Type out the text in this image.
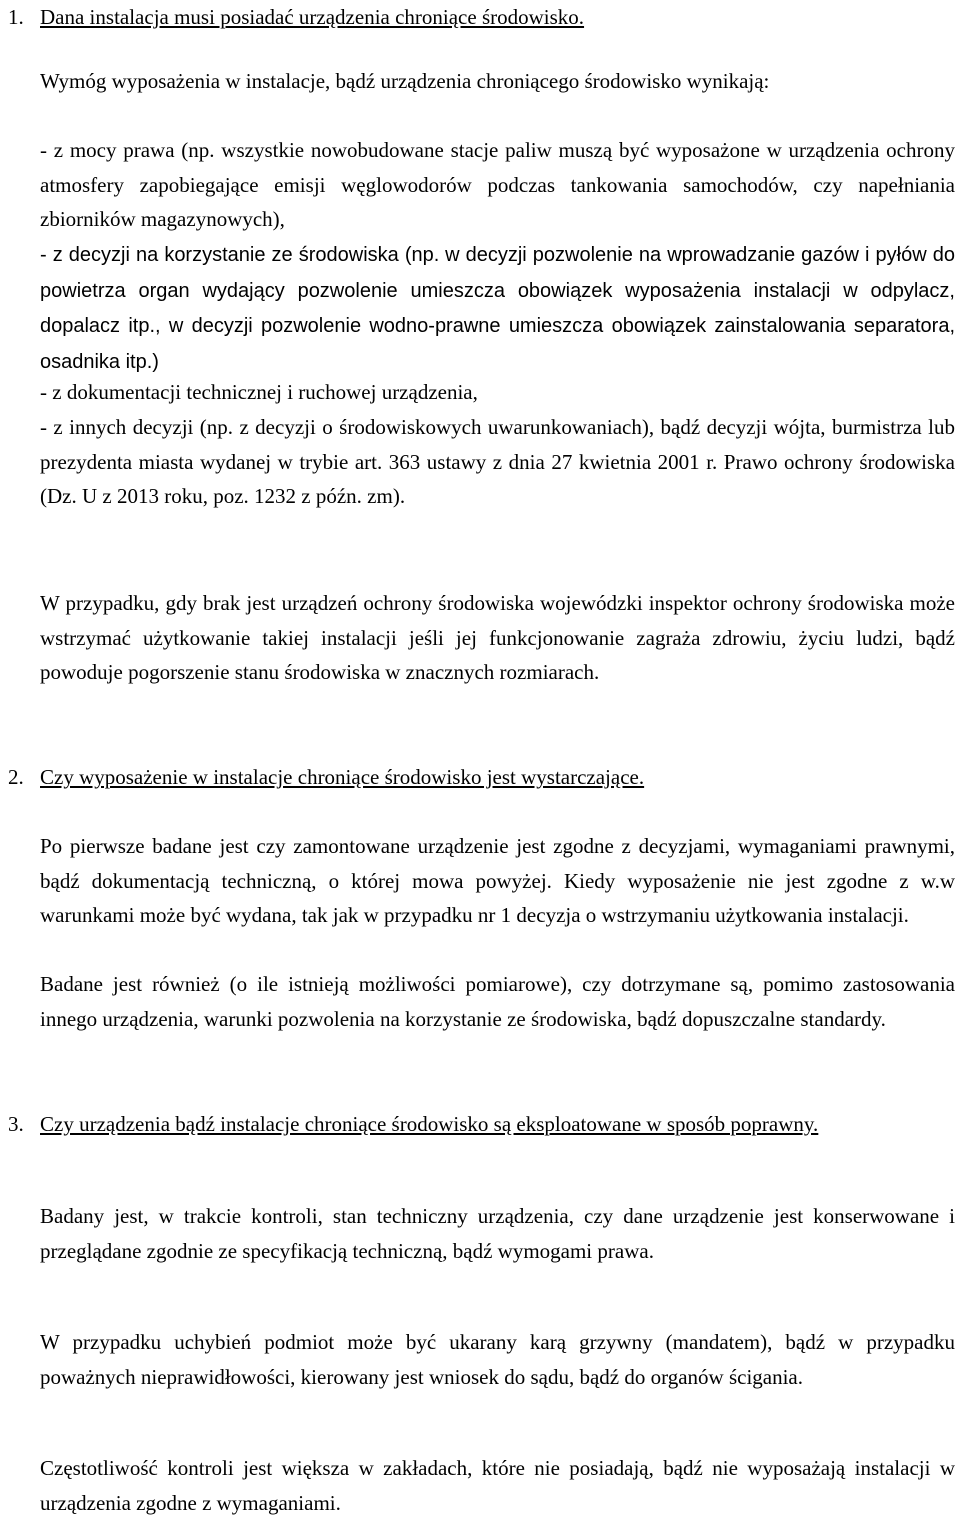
1. Dana instalacja musi posiadać urządzenia chroniące środowisko.

Wymóg wyposażenia w instalacje, bądź urządzenia chroniącego środowisko wynikają:

- z mocy prawa (np. wszystkie nowobudowane stacje paliw muszą być wyposażone w urządzenia ochrony atmosfery zapobiegające emisji węglowodorów podczas tankowania samochodów, czy napełniania zbiorników magazynowych),

- z decyzji na korzystanie ze środowiska (np. w decyzji pozwolenie na wprowadzanie gazów i pyłów do powietrza organ wydający pozwolenie umieszcza obowiązek wyposażenia instalacji w odpylacz, dopalacz itp., w decyzji pozwolenie wodno-prawne umieszcza obowiązek zainstalowania separatora, osadnika itp.)

- z dokumentacji technicznej i ruchowej urządzenia,

- z innych decyzji (np. z decyzji o środowiskowych uwarunkowaniach), bądź decyzji wójta, burmistrza lub prezydenta miasta wydanej w trybie art. 363 ustawy z dnia 27 kwietnia 2001 r. Prawo ochrony środowiska (Dz. U z 2013 roku, poz. 1232 z późn. zm).

W przypadku, gdy brak jest urządzeń ochrony środowiska wojewódzki inspektor ochrony środowiska może wstrzymać użytkowanie takiej instalacji jeśli jej funkcjonowanie zagraża zdrowiu, życiu ludzi, bądź powoduje pogorszenie stanu środowiska w znacznych rozmiarach.

2. Czy wyposażenie w instalacje chroniące środowisko jest wystarczające.

Po pierwsze badane jest czy zamontowane urządzenie jest zgodne z decyzjami, wymaganiami prawnymi, bądź dokumentacją techniczną, o której mowa powyżej. Kiedy wyposażenie nie jest zgodne z w.w warunkami może być wydana, tak jak w przypadku nr 1 decyzja o wstrzymaniu użytkowania instalacji.

Badane jest również (o ile istnieją możliwości pomiarowe), czy dotrzymane są, pomimo zastosowania innego urządzenia, warunki pozwolenia na korzystanie ze środowiska, bądź dopuszczalne standardy.

3. Czy urządzenia bądź instalacje chroniące środowisko są eksploatowane w sposób poprawny.

Badany jest, w trakcie kontroli, stan techniczny urządzenia, czy dane urządzenie jest konserwowane i przeglądane zgodnie ze specyfikacją techniczną, bądź wymogami prawa.

W przypadku uchybień podmiot może być ukarany karą grzywny (mandatem), bądź w przypadku poważnych nieprawidłowości, kierowany jest wniosek do sądu, bądź do organów ścigania.

Częstotliwość kontroli jest większa w zakładach, które nie posiadają, bądź nie wyposażają instalacji w urządzenia zgodne z wymaganiami.
